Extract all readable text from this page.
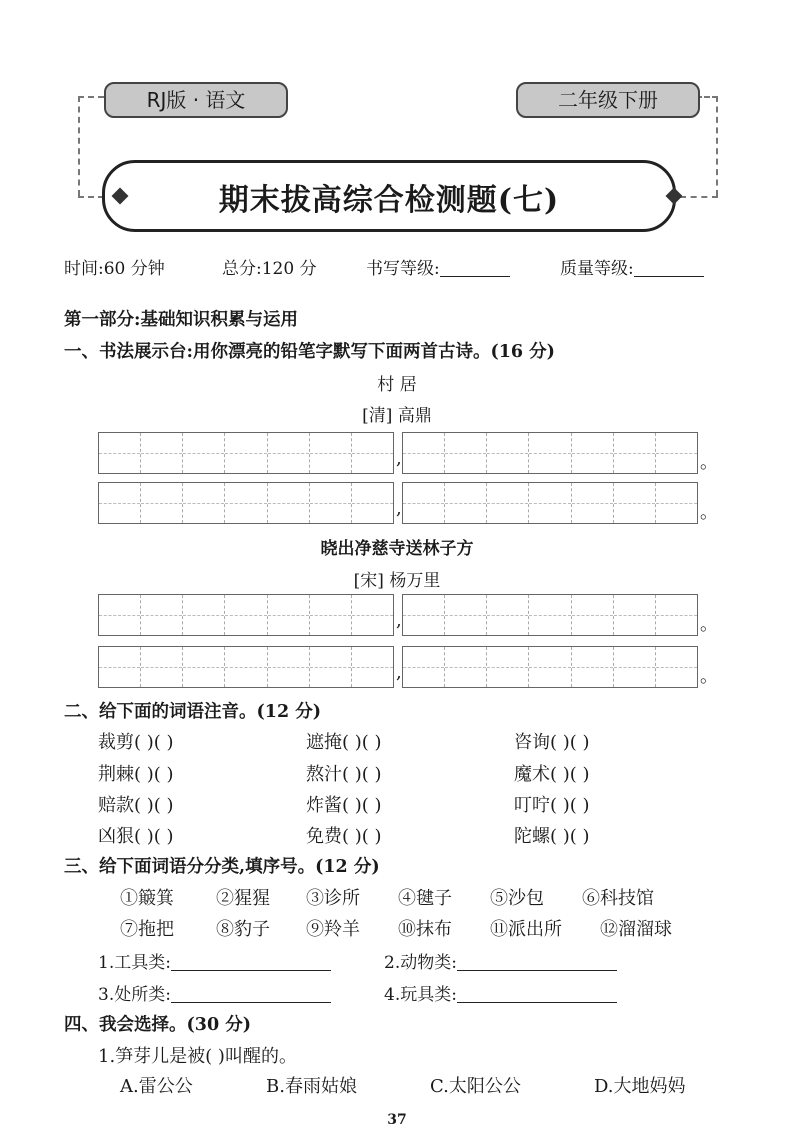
RJ版 · 语文	二年级下册
期末拔高综合检测题(七)
时间:60 分钟	总分:120 分	书写等级:	质量等级:
第一部分:基础知识积累与运用
一、书法展示台:用你漂亮的铅笔字默写下面两首古诗。(16 分)
村 居
[清] 高鼎
,	。
,	。
晓出净慈寺送林子方
[宋] 杨万里
,	。
,	。
二、给下面的词语注音。(12 分)
裁剪( )( )	遮掩( )( )	咨询( )( )
荆棘( )( )	熬汁( )( )	魔术( )( )
赔款( )( )	炸酱( )( )	叮咛( )( )
凶狠( )( )	免费( )( )	陀螺( )( )
三、给下面词语分分类,填序号。(12 分)
①簸箕 ②猩猩 ③诊所 ④毽子 ⑤沙包 ⑥科技馆
⑦拖把 ⑧豹子 ⑨羚羊 ⑩抹布 ⑪派出所 ⑫溜溜球
1.工具类:	2.动物类:
3.处所类:	4.玩具类:
四、我会选择。(30 分)
1.笋芽儿是被( )叫醒的。
A.雷公公	B.春雨姑娘	C.太阳公公	D.大地妈妈
37
